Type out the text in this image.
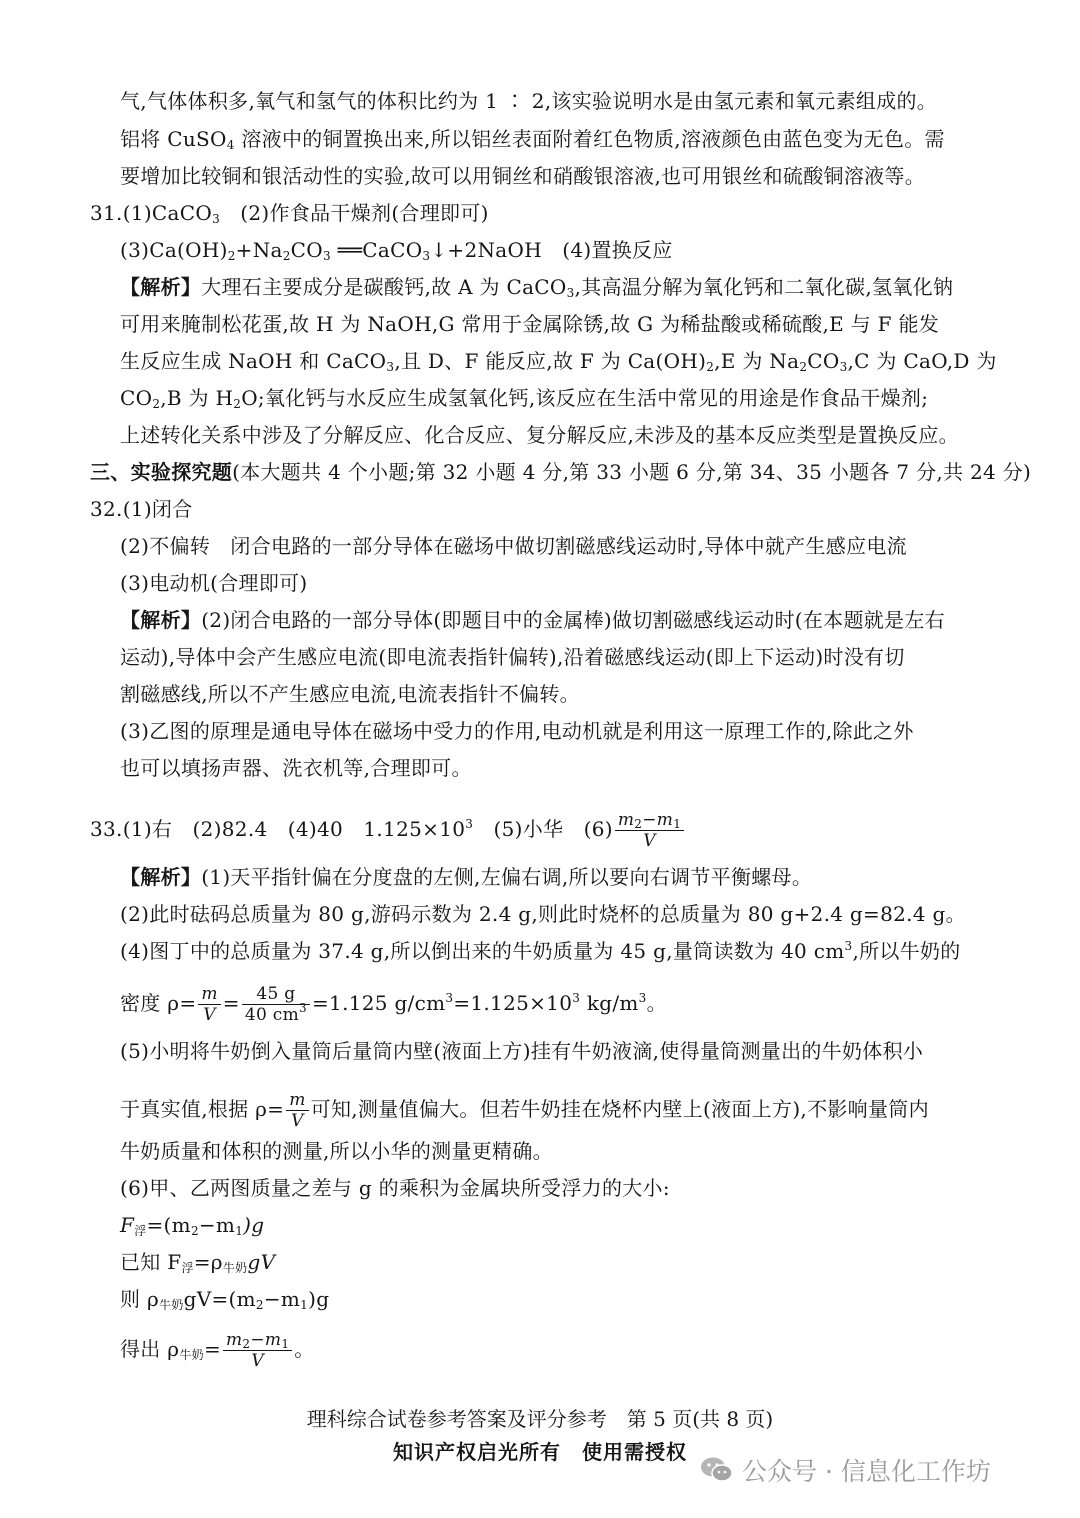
气,气体体积多,氧气和氢气的体积比约为 1 ∶ 2,该实验说明水是由氢元素和氧元素组成的。
铝将 CuSO$_4$ 溶液中的铜置换出来,所以铝丝表面附着红色物质,溶液颜色由蓝色变为无色。需
要增加比较铜和银活动性的实验,故可以用铜丝和硝酸银溶液,也可用银丝和硫酸铜溶液等。
31.(1)CaCO$_3$　(2)作食品干燥剂(合理即可)
$(3)Ca(OH)_2+Na_2CO_3$ ══CaCO$_3$↓+2NaOH　(4)置换反应
【解析】大理石主要成分是碳酸钙,故 A 为 CaCO$_3$,其高温分解为氧化钙和二氧化碳,氢氧化钠
可用来腌制松花蛋,故 H 为 NaOH,G 常用于金属除锈,故 G 为稀盐酸或稀硫酸,E 与 F 能发
生反应生成 NaOH 和 CaCO$_3$,且 D、F 能反应,故 F 为 $Ca(OH)_2,E$ 为 $Na_2CO_3,C$ 为 CaO,D 为
$CO_2,B$ 为 $H_2O$;氧化钙与水反应生成氢氧化钙,该反应在生活中常见的用途是作食品干燥剂;
上述转化关系中涉及了分解反应、化合反应、复分解反应,未涉及的基本反应类型是置换反应。
三、实验探究题(本大题共 4 个小题;第 32 小题 4 分,第 33 小题 6 分,第 34、35 小题各 7 分,共 24 分)
32.(1)闭合
(2)不偏转　闭合电路的一部分导体在磁场中做切割磁感线运动时,导体中就产生感应电流
(3)电动机(合理即可)
【解析】(2)闭合电路的一部分导体(即题目中的金属棒)做切割磁感线运动时(在本题就是左右
运动),导体中会产生感应电流(即电流表指针偏转),沿着磁感线运动(即上下运动)时没有切
割磁感线,所以不产生感应电流,电流表指针不偏转。
(3)乙图的原理是通电导体在磁场中受力的作用,电动机就是利用这一原理工作的,除此之外
也可以填扬声器、洗衣机等,合理即可。
33.(1)右　(2)82.4　(4)40　$1.125\times 10^3$　(5)小华　$(6) \frac{m_2-m_1}{V}$
【解析】(1)天平指针偏在分度盘的左侧,左偏右调,所以要向右调节平衡螺母。
(2)此时砝码总质量为 80 g,游码示数为 2.4 g,则此时烧杯的总质量为 80 g+2.4 g=82.4 g。
(4)图丁中的总质量为 37.4 g,所以倒出来的牛奶质量为 45 g,量筒读数为 40 $cm^3$,所以牛奶的
密度 $\rho= \frac{m}{V} = \frac{45 g}{40 cm^3} =1.125$ $g/cm^3=1.125\times 10^3$ $kg/m^3$。
(5)小明将牛奶倒入量筒后量筒内壁(液面上方)挂有牛奶液滴,使得量筒测量出的牛奶体积小
于真实值,根据 $\rho= \frac{m}{V}$ 可知,测量值偏大。但若牛奶挂在烧杯内壁上(液面上方),不影响量筒内
牛奶质量和体积的测量,所以小华的测量更精确。
(6)甲、乙两图质量之差与 g 的乘积为金属块所受浮力的大小:
$F_浮=(m_2-m_1)g$
已知 $F_浮=\rho_{牛奶}gV$
则 $\rho_{牛奶}gV=(m_2-m_1)g$
得出 $\rho_{牛奶}= \frac{m_2-m_1}{V}$ 。
理科综合试卷参考答案及评分参考　第 5 页(共 8 页)
知识产权启光所有　使用需授权
公众号 · 信息化工作坊
